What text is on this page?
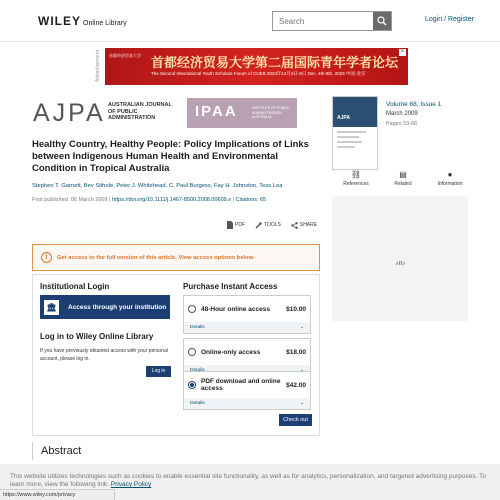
WILEY Online Library
Search
Login / Register
Advertisement 首都经济贸易大学
首都经济贸易大学第二届国际青年学者论坛
The Second International Youth Scholars Forum of CUEB 2023年12月4日-8日 Dec. 4th-8th, 2023 中国·北京
×
AJPA AUSTRALIAN JOURNAL OF PUBLIC ADMINISTRATION	IPAA	INSTITUTE OF PUBLIC ADMINISTRATION AUSTRALIA	AJPA
Volume 68, Issue 1
March 2009
Pages 53-66
Healthy Country, Healthy People: Policy Implications of Links between Indigenous Human Health and Environmental Condition in Tropical Australia
Stephen T. Garnett, Bev Sithole, Peter J. Whitehead, C. Paul Burgess, Fay H. Johnston, Tess Lea
First published: 06 March 2009 | https://doi.org/10.1111/j.1467-8500.2008.00609.x | Citations: 65
PDF	TOOLS	SHARE
⛓
References
▤
Related
●
Information
i	Get access to the full version of this article. View access options below.
Institutional Login
🏛	Access through your institution
Log in to Wiley Online Library
If you have previously obtained access with your personal account, please log in.
Log in
Purchase Instant Access
48-Hour online access	$10.00
Details	⌄
Online-only access	$18.00
PDF download and online access	$42.00
Details	⌄
Check out
Abstract
This website utilizes technologies such as cookies to enable essential site functionality, as well as for analytics, personalization, and targeted advertising purposes. To learn more, view the following link: Privacy Policy
https://www.wiley.com/privacy
